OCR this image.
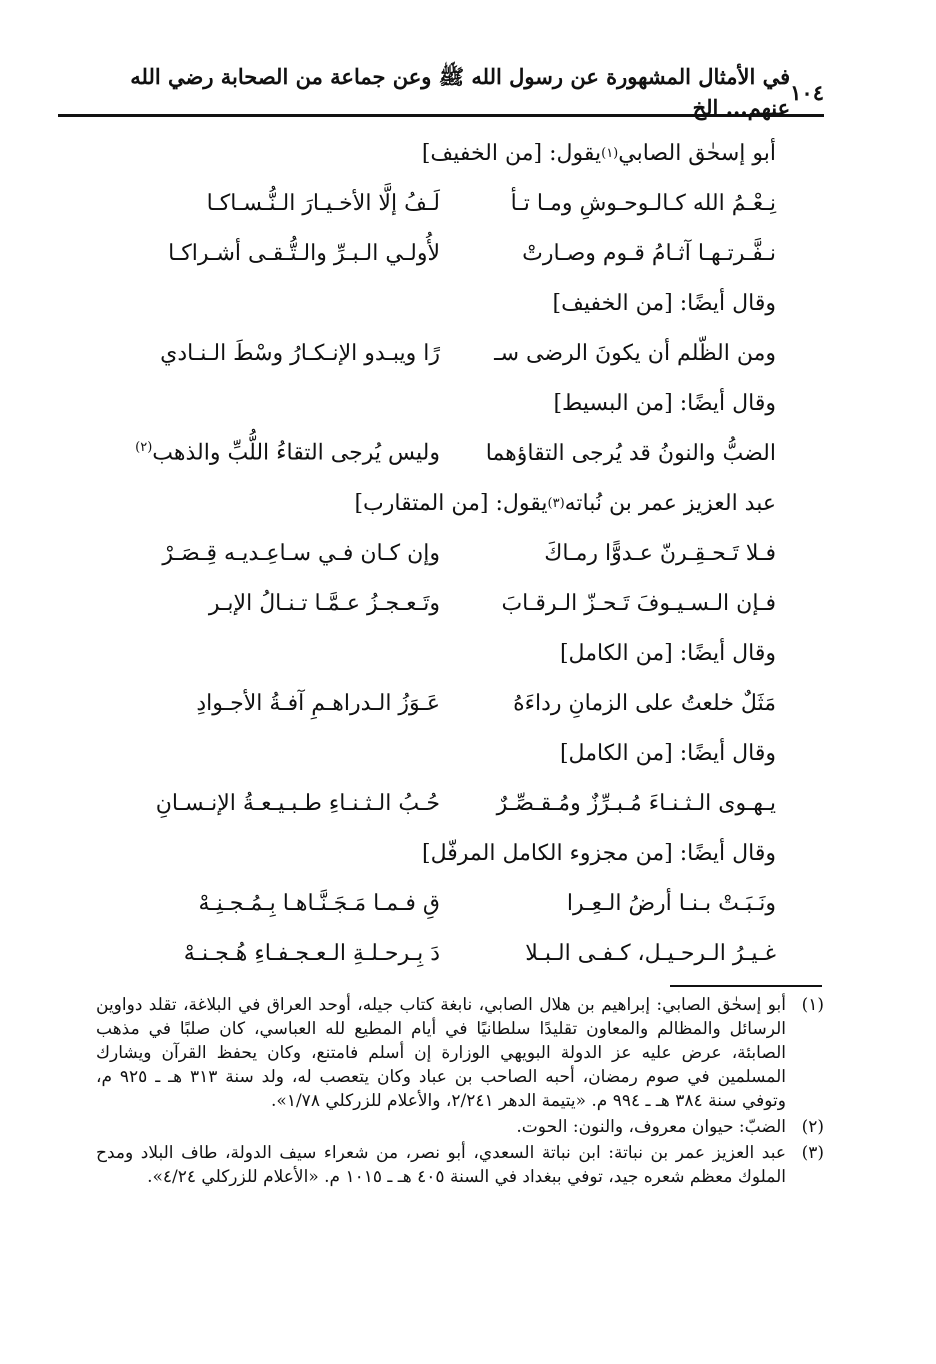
١٠٤
في الأمثال المشهورة عن رسول الله ﷺ وعن جماعة من الصحابة رضي الله عنهم... الخ
أبو إسحٰق الصابي
(١)
يقول: [من الخفيف]
نِـعْـمُ الله كـالـوحـوشِ ومـا تـأ
لَـفُ إلَّا الأخـيـارَ الـنُّـسـاكـا
نـفَّـرتـهـا آثـامُ قـوم وصـارتْ
لأُولـي الـبـرِّ والـتُّـقـى أشـراكـا
وقال أيضًا: [من الخفيف]
ومن الظّلم أن يكونَ الرضى سـ
رًا ويبـدو الإنـكـارُ وسْطَ الـنـادي
وقال أيضًا: [من البسيط]
الضبُّ والنونُ قد يُرجى التقاؤهما
وليس يُرجى التقاءُ اللُّبِّ والذهب$^{(٢)}$
عبد العزيز عمر بن نُباته
(٣)
يقول: [من المتقارب]
فـلا تَـحـقِـرنّ عـدوًّا رمـاكَ
وإن كـان فـي سـاعِـديـه قِـصَـرْ
فـإن الـسـيـوفَ تَـحـزّ الـرقـابَ
وتَـعـجـزُ عـمَّـا تـنـالُ الإبـر
وقال أيضًا: [من الكامل]
مَثَلٌ خلعتُ على الزمانِ رداءَهُ
عَـوَزُ الـدراهـمِ آفـةُ الأجـوادِ
وقال أيضًا: [من الكامل]
يـهـوى الـثـنـاءَ مُـبـرِّزٌ ومُـقـصِّـرٌ
حُـبُ الـثـنـاءِ طـبـيـعـةُ الإنـسـانِ
وقال أيضًا: [من مجزوء الكامل المرفّل]
ونَـبَـتْ بـنـا أرضُ الـعِـرا
قِ فـمـا مَـجَـنَّـاهـا بِـمُـجـنِـهْ
غـيـرُ الـرحـيـل، كـفـى الـبـلا
دَ بِـرحـلـةِ الـعـجـفـاءِ هُـجـنـهْ
(١)
أبو إسحٰق الصابي: إبراهيم بن هلال الصابي، نابغة كتاب جيله، أوحد العراق في البلاغة، تقلد دواوين الرسائل والمظالم والمعاون تقليدًا سلطانيًا في أيام المطيع لله العباسي، كان صلبًا في مذهب الصابئة، عرض عليه عز الدولة البويهي الوزارة إن أسلم فامتنع، وكان يحفظ القرآن ويشارك المسلمين في صوم رمضان، أحبه الصاحب بن عباد وكان يتعصب له، ولد سنة ٣١٣ هـ ـ ٩٢٥ م، وتوفي سنة ٣٨٤ هـ ـ ٩٩٤ م. «يتيمة الدهر ٢/٢٤١، والأعلام للزركلي ١/٧٨».
(٢)
الضبّ: حيوان معروف، والنون: الحوت.
(٣)
عبد العزيز عمر بن نباتة: ابن نباتة السعدي، أبو نصر، من شعراء سيف الدولة، طاف البلاد ومدح الملوك معظم شعره جيد، توفي ببغداد في السنة ٤٠٥ هـ ـ ١٠١٥ م. «الأعلام للزركلي ٤/٢٤».
